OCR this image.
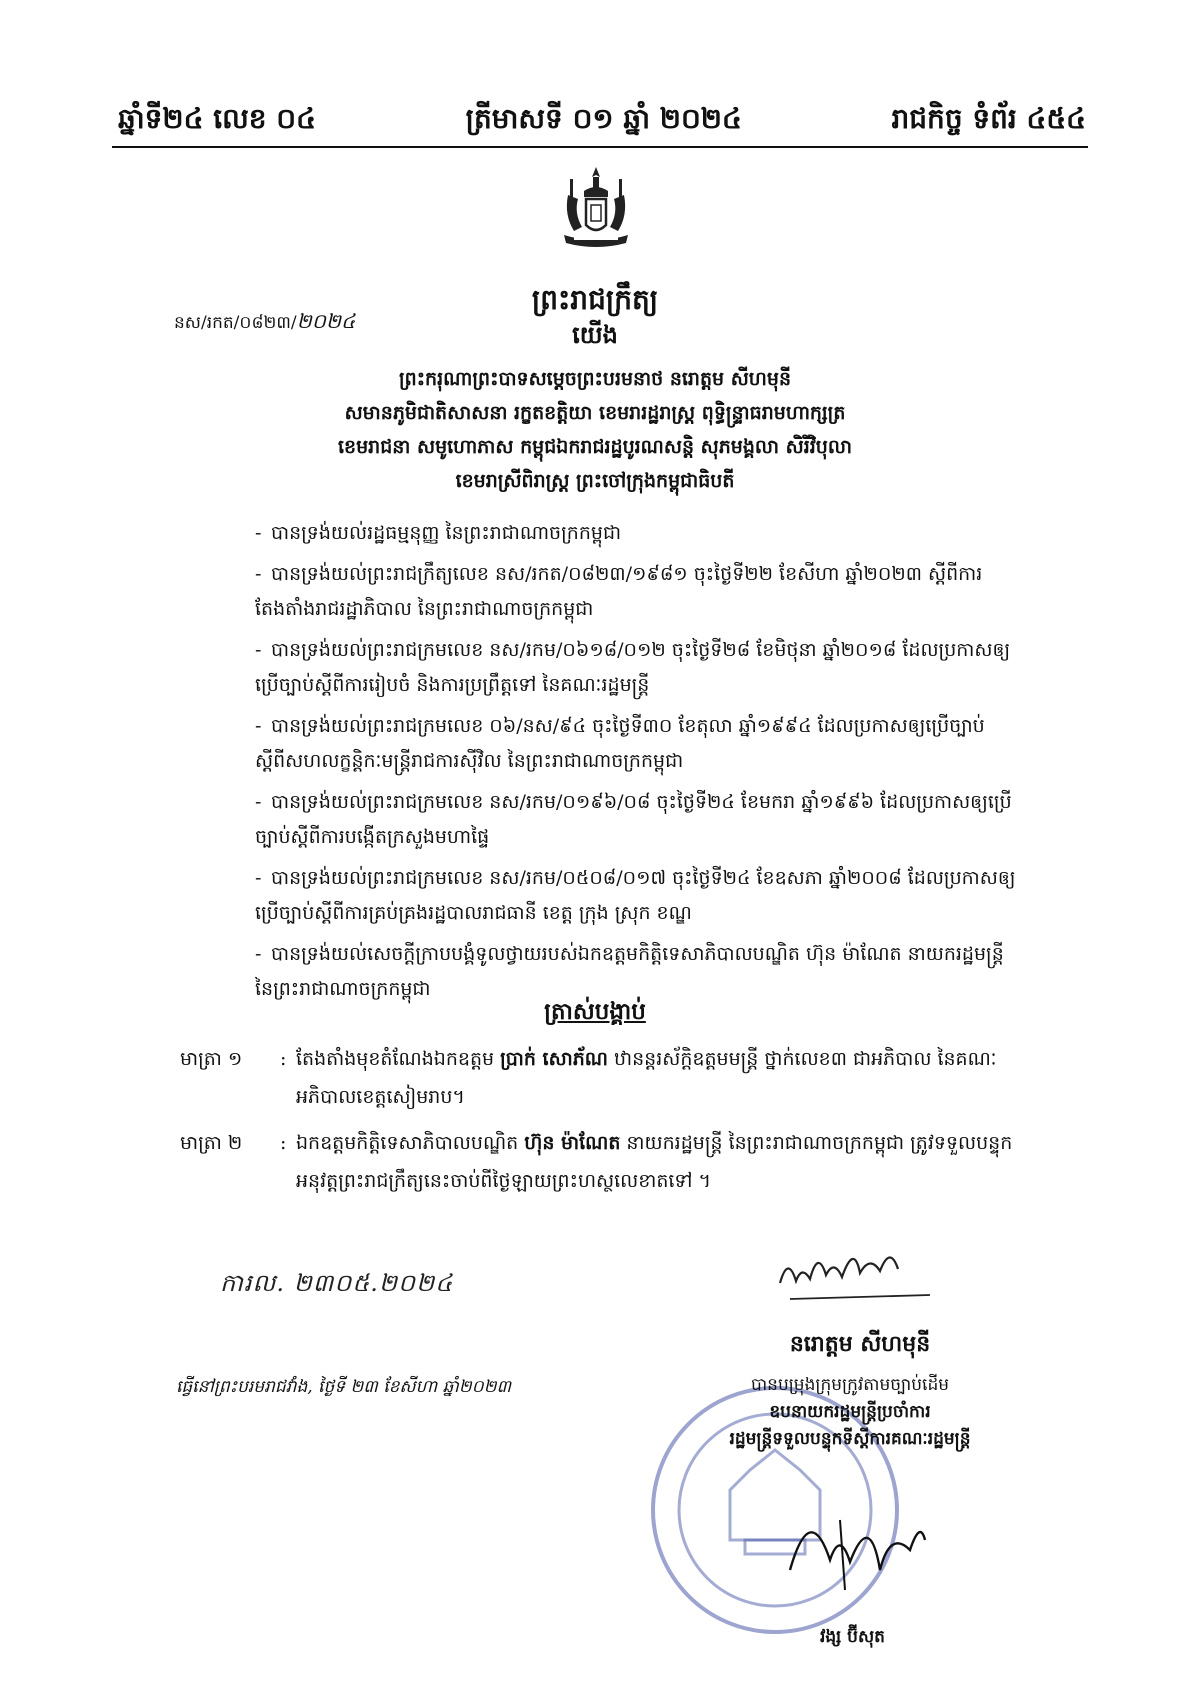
ឆ្នាំទី២៤ លេខ ០៤	ត្រីមាសទី ០១ ឆ្នាំ ២០២៤	រាជកិច្ច ទំព័រ ៤៥៤
ព្រះរាជក្រឹត្យ
នស/រកត/០៨២៣/២០២៤	យើង
ព្រះករុណាព្រះបាទសម្តេចព្រះបរមនាថ នរោត្តម សីហមុនី
សមានភូមិជាតិសាសនា រក្ខតខត្តិយា ខេមរារដ្ឋរាស្ត្រ ពុទ្ធិន្ទ្រាធរាមហាក្សត្រ
ខេមរាជនា សមូហោភាស កម្ពុជឯករាជរដ្ឋបូរណសន្តិ សុភមង្គលា សិរីវិបុលា
ខេមរាស្រីពិរាស្ត្រ ព្រះចៅក្រុងកម្ពុជាធិបតី
- បានទ្រង់យល់រដ្ឋធម្មនុញ្ញ នៃព្រះរាជាណាចក្រកម្ពុជា
- បានទ្រង់យល់ព្រះរាជក្រឹត្យលេខ នស/រកត/០៨២៣/១៩៨១ ចុះថ្ងៃទី២២ ខែសីហា ឆ្នាំ២០២៣ ស្តីពីការតែងតាំងរាជរដ្ឋាភិបាល នៃព្រះរាជាណាចក្រកម្ពុជា
- បានទ្រង់យល់ព្រះរាជក្រមលេខ នស/រកម/០៦១៨/០១២ ចុះថ្ងៃទី២៨ ខែមិថុនា ឆ្នាំ២០១៨ ដែលប្រកាសឲ្យប្រើច្បាប់ស្តីពីការរៀបចំ និងការប្រព្រឹត្តទៅ នៃគណៈរដ្ឋមន្ត្រី
- បានទ្រង់យល់ព្រះរាជក្រមលេខ ០៦/នស/៩៤ ចុះថ្ងៃទី៣០ ខែតុលា ឆ្នាំ១៩៩៤ ដែលប្រកាសឲ្យប្រើច្បាប់ស្តីពីសហលក្ខន្តិកៈមន្ត្រីរាជការស៊ីវិល នៃព្រះរាជាណាចក្រកម្ពុជា
- បានទ្រង់យល់ព្រះរាជក្រមលេខ នស/រកម/០១៩៦/០៨ ចុះថ្ងៃទី២៤ ខែមករា ឆ្នាំ១៩៩៦ ដែលប្រកាសឲ្យប្រើច្បាប់ស្តីពីការបង្កើតក្រសួងមហាផ្ទៃ
- បានទ្រង់យល់ព្រះរាជក្រមលេខ នស/រកម/០៥០៨/០១៧ ចុះថ្ងៃទី២៤ ខែឧសភា ឆ្នាំ២០០៨ ដែលប្រកាសឲ្យប្រើច្បាប់ស្តីពីការគ្រប់គ្រងរដ្ឋបាលរាជធានី ខេត្ត ក្រុង ស្រុក ខណ្ឌ
- បានទ្រង់យល់សេចក្តីក្រាបបង្គំទូលថ្វាយរបស់ឯកឧត្តមកិត្តិទេសាភិបាលបណ្ឌិត ហ៊ុន ម៉ាណែត នាយករដ្ឋមន្ត្រី នៃព្រះរាជាណាចក្រកម្ពុជា
ត្រាស់បង្គាប់
មាត្រា ១	: តែងតាំងមុខតំណែងឯកឧត្តម ប្រាក់ សោភ័ណ ឋានន្តរស័ក្តិឧត្តមមន្ត្រី ថ្នាក់លេខ៣ ជាអភិបាល នៃគណៈអភិបាលខេត្តសៀមរាប។
មាត្រា ២	: ឯកឧត្តមកិត្តិទេសាភិបាលបណ្ឌិត ហ៊ុន ម៉ាណែត នាយករដ្ឋមន្ត្រី នៃព្រះរាជាណាចក្រកម្ពុជា ត្រូវទទួលបន្ទុកអនុវត្តព្រះរាជក្រឹត្យនេះចាប់ពីថ្ងៃឡាយព្រះហស្ថលេខាតទៅ ។
ការល. ២៣០៥.២០២៤
ធ្វើនៅព្រះបរមរាជវាំង, ថ្ងៃទី ២៣ ខែសីហា ឆ្នាំ២០២៣
នរោត្តម សីហមុនី
បានបម្រុងក្រុមក្រូវតាមច្បាប់ដើម
ឧបនាយករដ្ឋមន្ត្រីប្រចាំការ
រដ្ឋមន្ត្រីទទួលបន្ទុកទីស្ដីការគណៈរដ្ឋមន្ត្រី
វង្ស ប៊ីសុត
